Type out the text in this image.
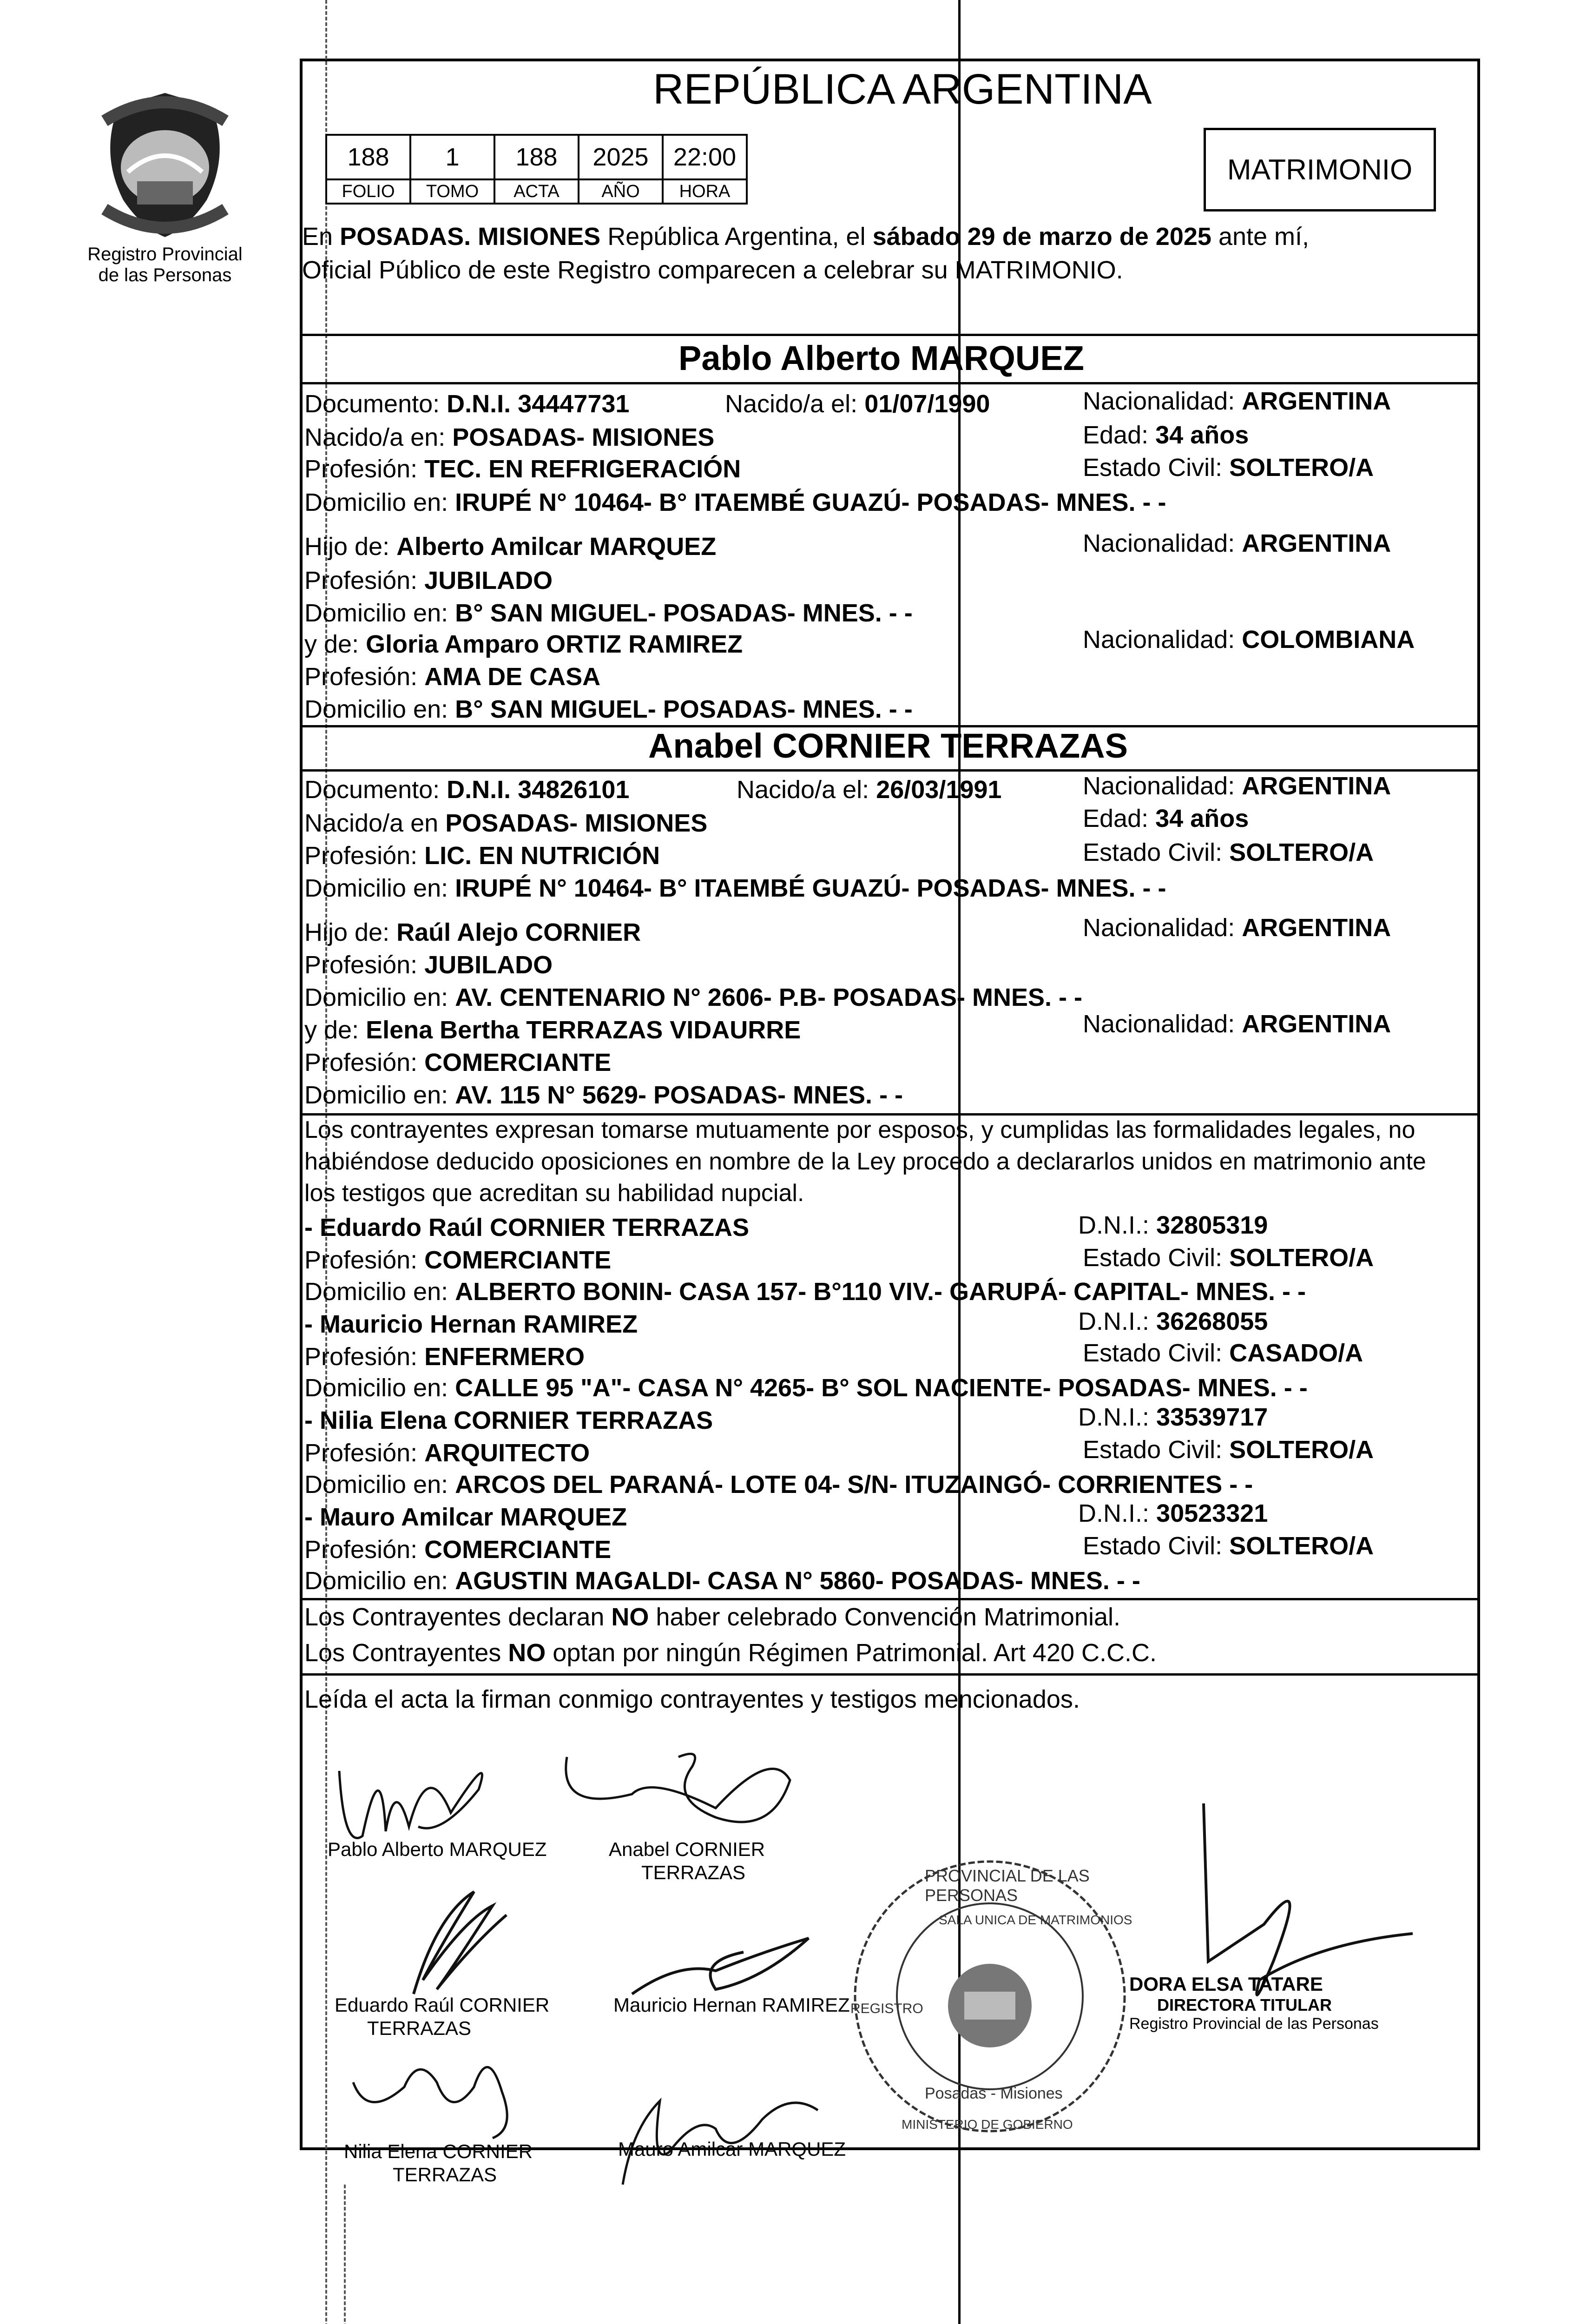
Registro Provincial
de las Personas
REPÚBLICA ARGENTINA
188	1	188	2025	22:00
FOLIO	TOMO	ACTA	AÑO	HORA
MATRIMONIO
En POSADAS. MISIONES República Argentina, el sábado 29 de marzo de 2025 ante mí,
Oficial Público de este Registro comparecen a celebrar su MATRIMONIO.
Pablo Alberto MARQUEZ
Documento: D.N.I. 34447731	Nacido/a el: 01/07/1990	Nacionalidad: ARGENTINA
Nacido/a en: POSADAS- MISIONES	Edad: 34 años
Profesión: TEC. EN REFRIGERACIÓN	Estado Civil: SOLTERO/A
Domicilio en: IRUPÉ N° 10464- B° ITAEMBÉ GUAZÚ- POSADAS- MNES. - -
Hijo de: Alberto Amilcar MARQUEZ	Nacionalidad: ARGENTINA
Profesión: JUBILADO
Domicilio en: B° SAN MIGUEL- POSADAS- MNES. - -
y de: Gloria Amparo ORTIZ RAMIREZ	Nacionalidad: COLOMBIANA
Profesión: AMA DE CASA
Domicilio en: B° SAN MIGUEL- POSADAS- MNES. - -
Anabel CORNIER TERRAZAS
Documento: D.N.I. 34826101	Nacido/a el: 26/03/1991	Nacionalidad: ARGENTINA
Nacido/a en POSADAS- MISIONES	Edad: 34 años
Profesión: LIC. EN NUTRICIÓN	Estado Civil: SOLTERO/A
Domicilio en: IRUPÉ N° 10464- B° ITAEMBÉ GUAZÚ- POSADAS- MNES. - -
Hijo de: Raúl Alejo CORNIER	Nacionalidad: ARGENTINA
Profesión: JUBILADO
Domicilio en: AV. CENTENARIO N° 2606- P.B- POSADAS- MNES. - -
y de: Elena Bertha TERRAZAS VIDAURRE	Nacionalidad: ARGENTINA
Profesión: COMERCIANTE
Domicilio en: AV. 115 N° 5629- POSADAS- MNES. - -
Los contrayentes expresan tomarse mutuamente por esposos, y cumplidas las formalidades legales, no
habiéndose deducido oposiciones en nombre de la Ley procedo a declararlos unidos en matrimonio ante
los testigos que acreditan su habilidad nupcial.
- Eduardo Raúl CORNIER TERRAZAS	D.N.I.: 32805319
Profesión: COMERCIANTE	Estado Civil: SOLTERO/A
Domicilio en: ALBERTO BONIN- CASA 157- B°110 VIV.- GARUPÁ- CAPITAL- MNES. - -
- Mauricio Hernan RAMIREZ	D.N.I.: 36268055
Profesión: ENFERMERO	Estado Civil: CASADO/A
Domicilio en: CALLE 95 "A"- CASA N° 4265- B° SOL NACIENTE- POSADAS- MNES. - -
- Nilia Elena CORNIER TERRAZAS	D.N.I.: 33539717
Profesión: ARQUITECTO	Estado Civil: SOLTERO/A
Domicilio en: ARCOS DEL PARANÁ- LOTE 04- S/N- ITUZAINGÓ- CORRIENTES - -
- Mauro Amilcar MARQUEZ	D.N.I.: 30523321
Profesión: COMERCIANTE	Estado Civil: SOLTERO/A
Domicilio en: AGUSTIN MAGALDI- CASA N° 5860- POSADAS- MNES. - -
Los Contrayentes declaran NO haber celebrado Convención Matrimonial.
Los Contrayentes NO optan por ningún Régimen Patrimonial. Art 420 C.C.C.
Leída el acta la firman conmigo contrayentes y testigos mencionados.
Pablo Alberto MARQUEZ	Anabel CORNIER
TERRAZAS
Eduardo Raúl CORNIER
TERRAZAS
Mauricio Hernan RAMIREZ
Nilia Elena CORNIER
TERRAZAS
Mauro Amilcar MARQUEZ
PROVINCIAL DE LAS PERSONAS
SALA UNICA DE MATRIMONIOS
REGISTRO
Posadas - Misiones
MINISTERIO DE GOBIERNO
DORA ELSA TATARE
DIRECTORA TITULAR
Registro Provincial de las Personas
